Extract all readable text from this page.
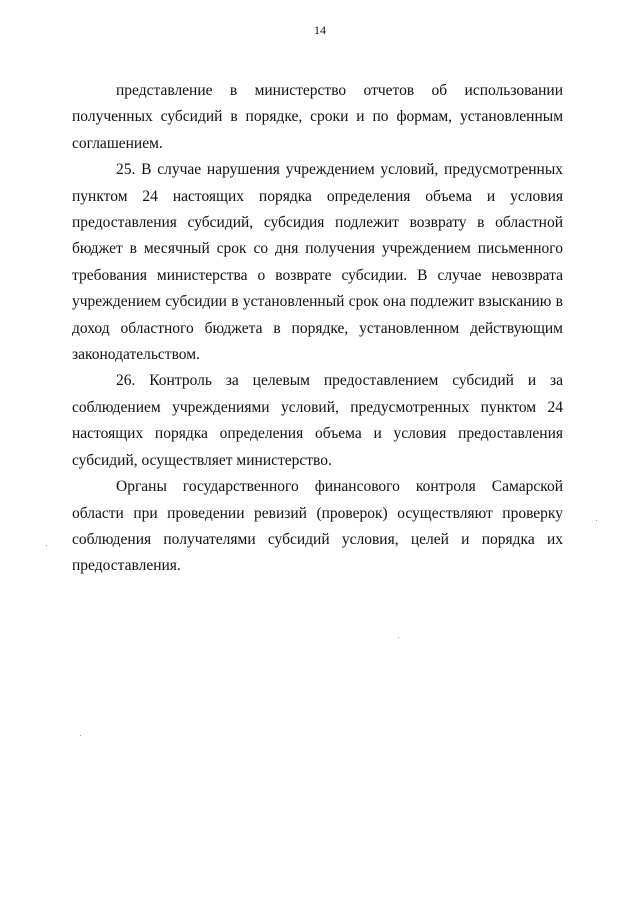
14

представление в министерство отчетов об использовании полученных субсидий в порядке, сроки и по формам, установленным соглашением.

25. В случае нарушения учреждением условий, предусмотренных пунктом 24 настоящих порядка определения объема и условия предоставления субсидий, субсидия подлежит возврату в областной бюджет в месячный срок со дня получения учреждением письменного требования министерства о возврате субсидии. В случае невозврата учреждением субсидии в установленный срок она подлежит взысканию в доход областного бюджета в порядке, установленном действующим законодательством.

26. Контроль за целевым предоставлением субсидий и за соблюдением учреждениями условий, предусмотренных пунктом 24 настоящих порядка определения объема и условия предоставления субсидий, осуществляет министерство.

Органы государственного финансового контроля Самарской области при проведении ревизий (проверок) осуществляют проверку соблюдения получателями субсидий условия, целей и порядка их предоставления.
